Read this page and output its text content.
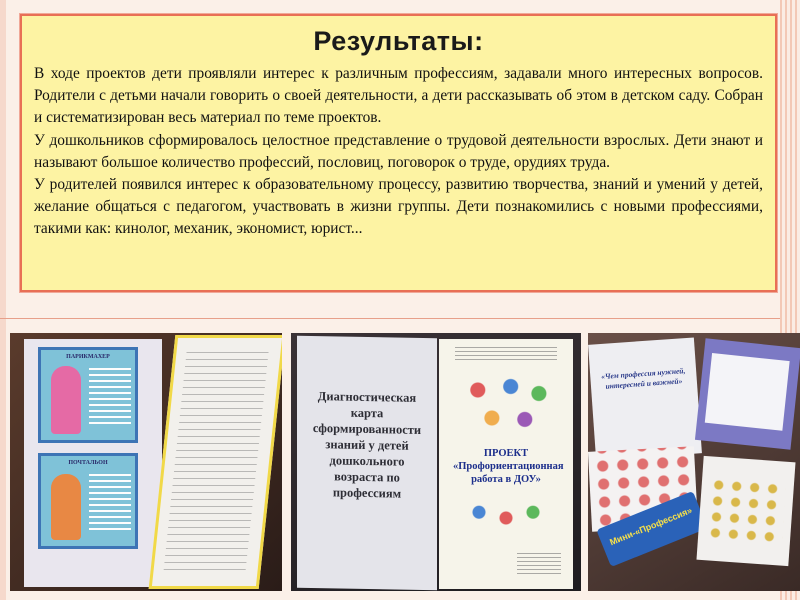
Результаты:

В ходе проектов дети проявляли интерес к различным профессиям, задавали много интересных вопросов. Родители с детьми начали говорить о своей деятельности, а дети рассказывать об этом в детском саду. Собран и систематизирован весь материал по теме проектов.

У дошкольников сформировалось целостное представление о трудовой деятельности взрослых. Дети знают и называют большое количество профессий, пословиц, поговорок о труде, орудиях труда.

У родителей появился интерес к образовательному процессу, развитию творчества, знаний и умений у детей, желание общаться с педагогом, участвовать в жизни группы. Дети познакомились с новыми профессиями, такими как: кинолог, механик, экономист, юрист...

ПАРИКМАХЕР
ПОЧТАЛЬОН
Диагностическая карта сформированности знаний у детей дошкольного возраста по профессиям
ПРОЕКТ «Профориентационная работа в ДОУ»
«Чем профессия нужней, интересней и важней»
Мини-«Профессия»
